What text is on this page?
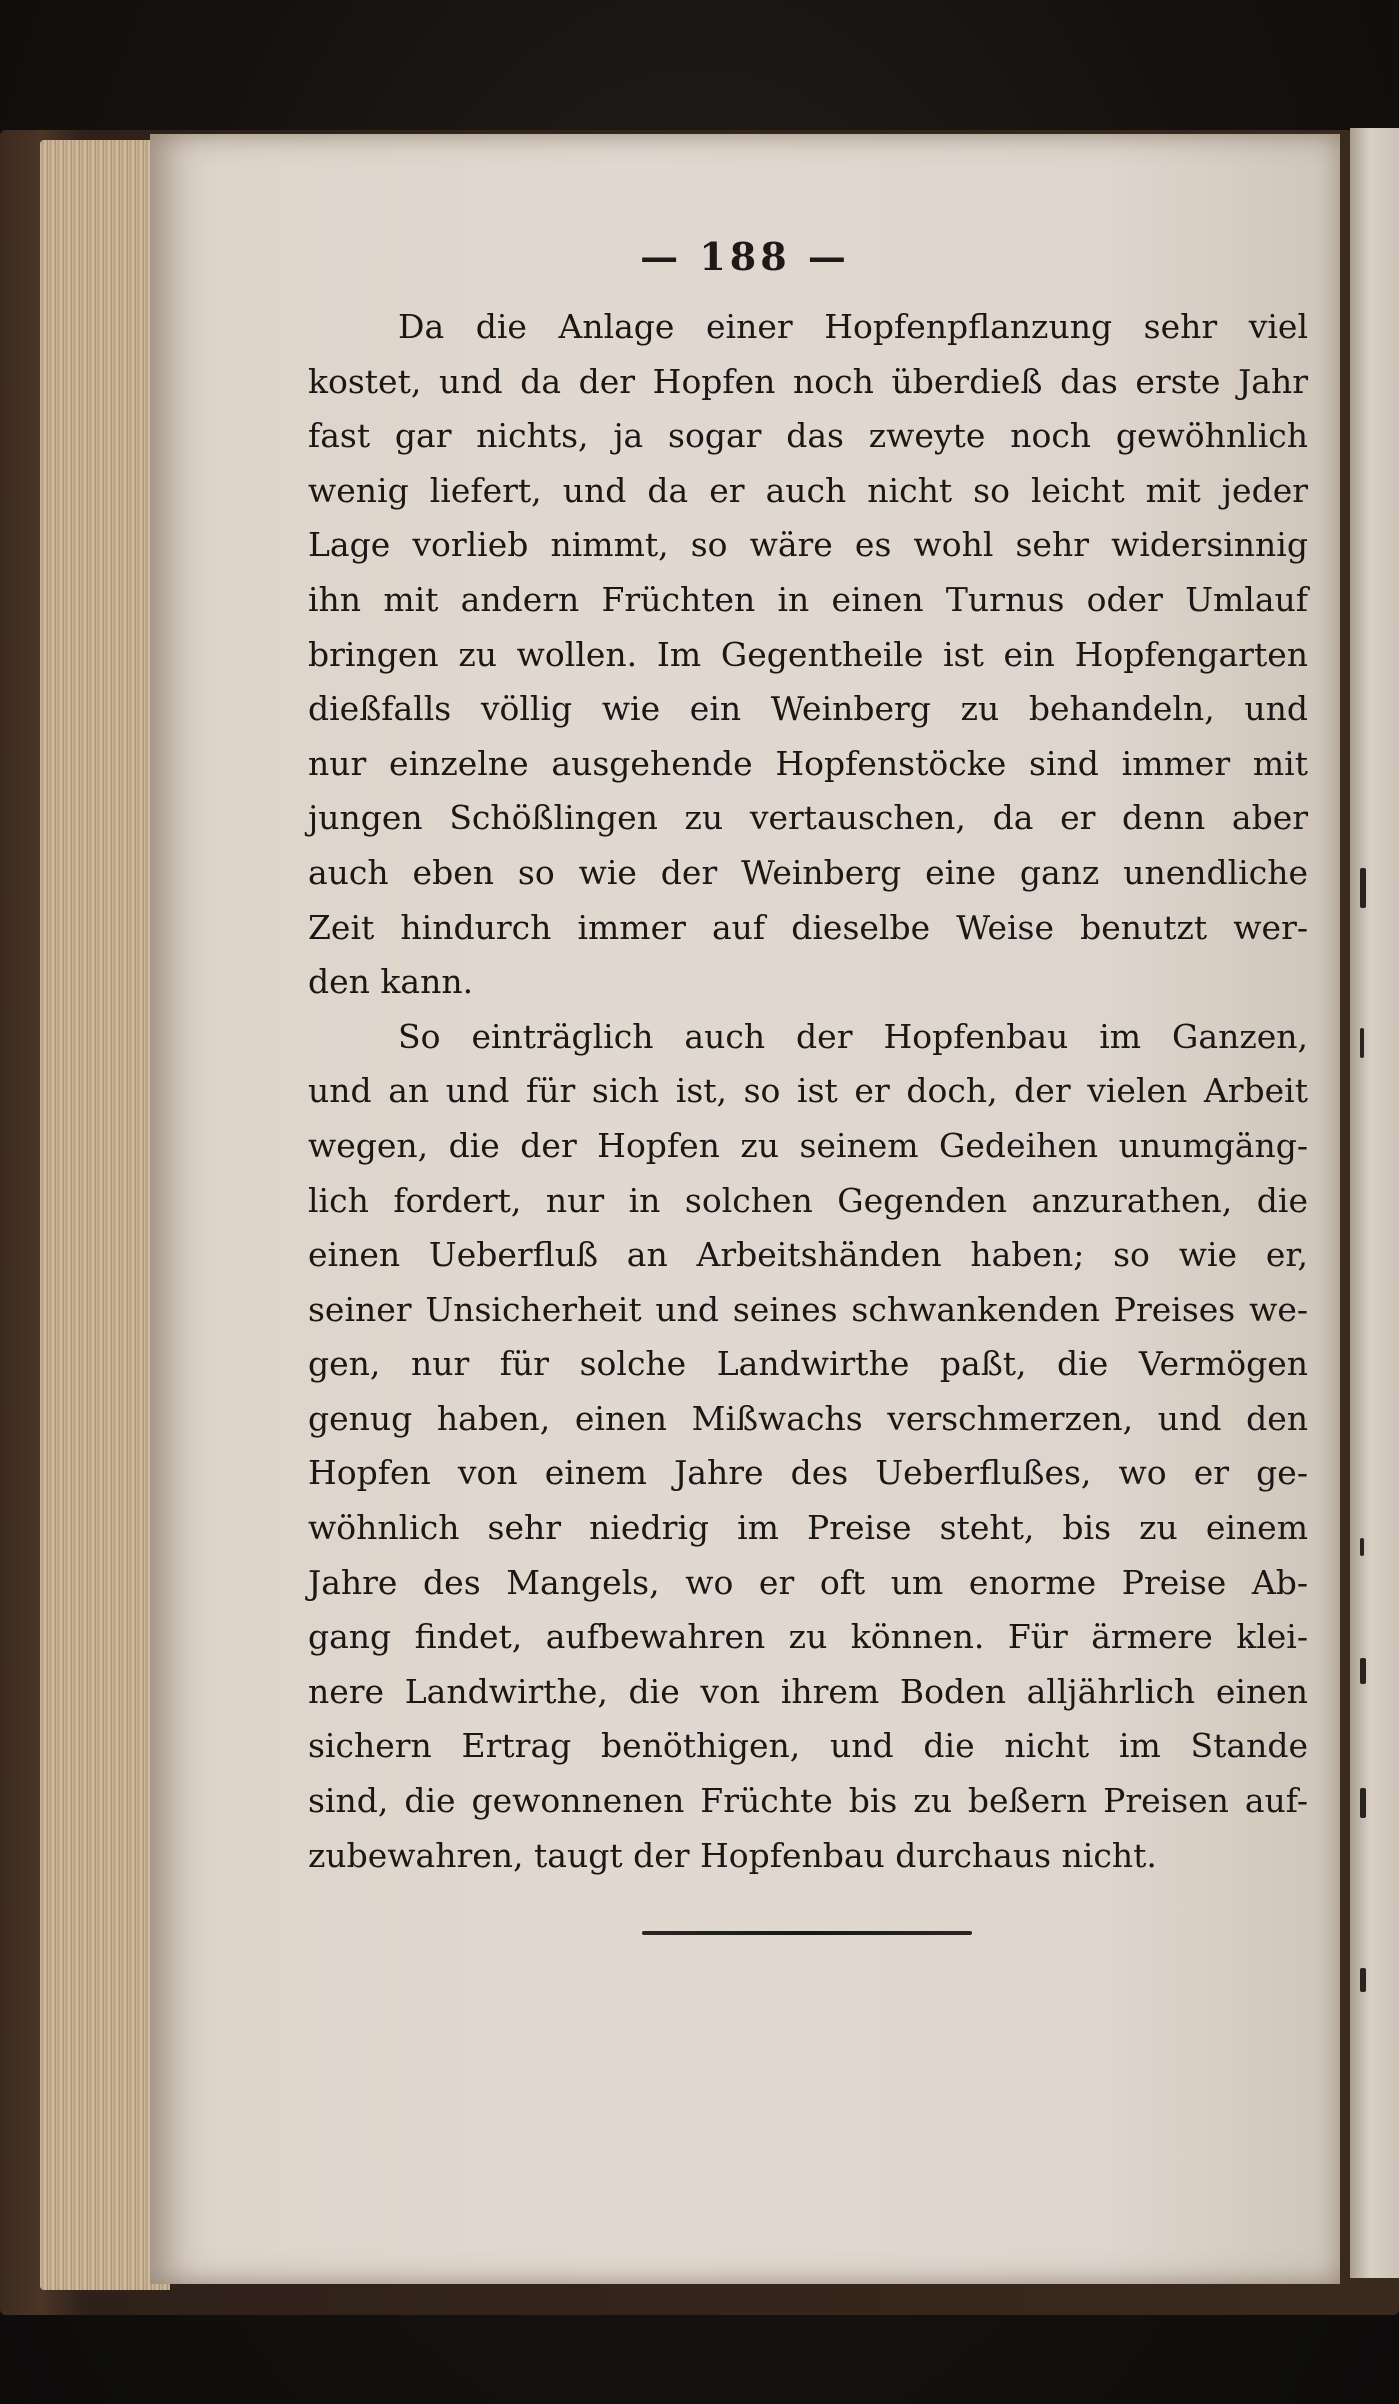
— 188 —
Da die Anlage einer Hopfenpflanzung sehr viel
kostet, und da der Hopfen noch überdieß das erste Jahr
fast gar nichts, ja sogar das zweyte noch gewöhnlich
wenig liefert, und da er auch nicht so leicht mit jeder
Lage vorlieb nimmt, so wäre es wohl sehr widersinnig
ihn mit andern Früchten in einen Turnus oder Umlauf
bringen zu wollen. Im Gegentheile ist ein Hopfengarten
dießfalls völlig wie ein Weinberg zu behandeln, und
nur einzelne ausgehende Hopfenstöcke sind immer mit
jungen Schößlingen zu vertauschen, da er denn aber
auch eben so wie der Weinberg eine ganz unendliche
Zeit hindurch immer auf dieselbe Weise benutzt wer-
den kann.
So einträglich auch der Hopfenbau im Ganzen,
und an und für sich ist, so ist er doch, der vielen Arbeit
wegen, die der Hopfen zu seinem Gedeihen unumgäng-
lich fordert, nur in solchen Gegenden anzurathen, die
einen Ueberfluß an Arbeitshänden haben; so wie er,
seiner Unsicherheit und seines schwankenden Preises we-
gen, nur für solche Landwirthe paßt, die Vermögen
genug haben, einen Mißwachs verschmerzen, und den
Hopfen von einem Jahre des Ueberflußes, wo er ge-
wöhnlich sehr niedrig im Preise steht, bis zu einem
Jahre des Mangels, wo er oft um enorme Preise Ab-
gang findet, aufbewahren zu können. Für ärmere klei-
nere Landwirthe, die von ihrem Boden alljährlich einen
sichern Ertrag benöthigen, und die nicht im Stande
sind, die gewonnenen Früchte bis zu beßern Preisen auf-
zubewahren, taugt der Hopfenbau durchaus nicht.
